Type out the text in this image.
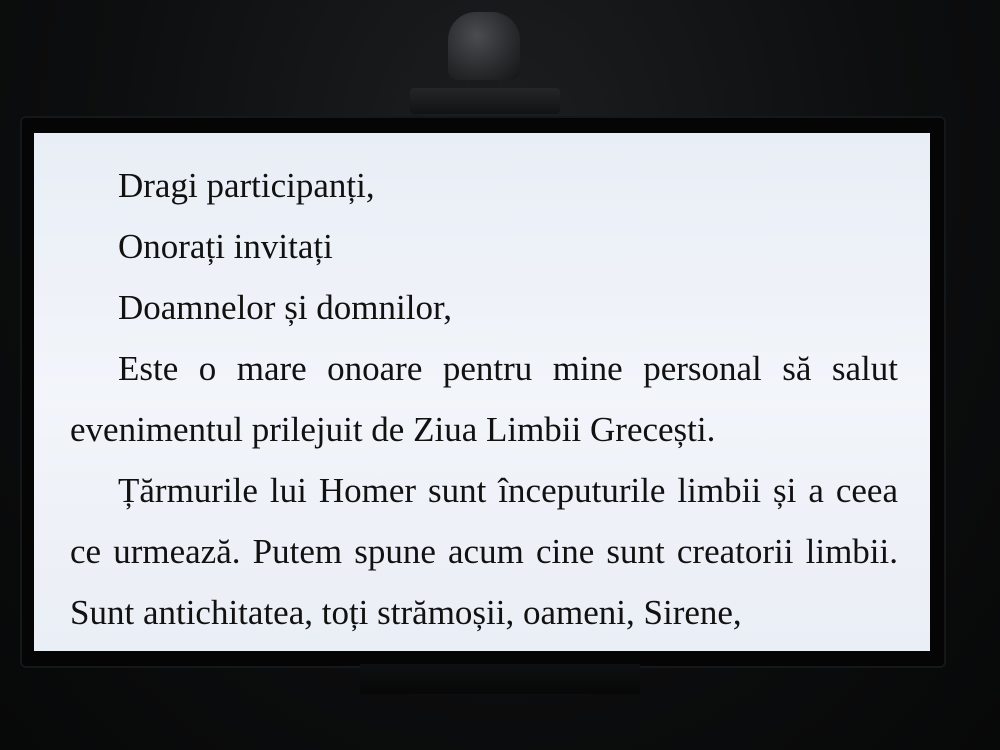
Dragi participanți,

Onorați invitați

Doamnelor și domnilor,

Este o mare onoare pentru mine personal să salut evenimentul prilejuit de Ziua Limbii Grecești.

Țărmurile lui Homer sunt începuturile limbii și a ceea ce urmează. Putem spune acum cine sunt creatorii limbii. Sunt antichitatea, toți strămoșii, oameni, Sirene,
